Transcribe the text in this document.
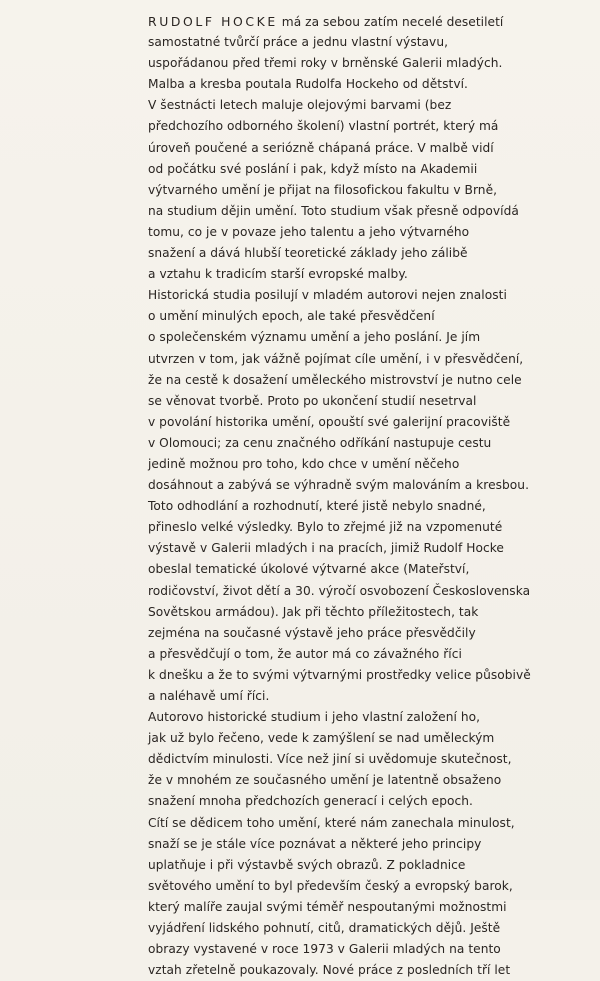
RUDOLF HOCKE má za sebou zatím necelé desetiletí
samostatné tvůrčí práce a jednu vlastní výstavu,
uspořádanou před třemi roky v brněnské Galerii mladých.
Malba a kresba poutala Rudolfa Hockeho od dětství.
V šestnácti letech maluje olejovými barvami (bez
předchozího odborného školení) vlastní portrét, který má
úroveň poučené a seriózně chápaná práce. V malbě vidí
od počátku své poslání i pak, když místo na Akademii
výtvarného umění je přijat na filosofickou fakultu v Brně,
na studium dějin umění. Toto studium však přesně odpovídá
tomu, co je v povaze jeho talentu a jeho výtvarného
snažení a dává hlubší teoretické základy jeho zálibě
a vztahu k tradicím starší evropské malby.
Historická studia posilují v mladém autorovi nejen znalosti
o umění minulých epoch, ale také přesvědčení
o společenském významu umění a jeho poslání. Je jím
utvrzen v tom, jak vážně pojímat cíle umění, i v přesvědčení,
že na cestě k dosažení uměleckého mistrovství je nutno cele
se věnovat tvorbě. Proto po ukončení studií nesetrval
v povolání historika umění, opouští své galerijní pracoviště
v Olomouci; za cenu značného odříkání nastupuje cestu
jedině možnou pro toho, kdo chce v umění něčeho
dosáhnout a zabývá se výhradně svým malováním a kresbou.
Toto odhodlání a rozhodnutí, které jistě nebylo snadné,
přineslo velké výsledky. Bylo to zřejmé již na vzpomenuté
výstavě v Galerii mladých i na pracích, jimiž Rudolf Hocke
obeslal tematické úkolové výtvarné akce (Mateřství,
rodičovství, život dětí a 30. výročí osvobození Československa
Sovětskou armádou). Jak při těchto příležitostech, tak
zejména na současné výstavě jeho práce přesvědčily
a přesvědčují o tom, že autor má co závažného říci
k dnešku a že to svými výtvarnými prostředky velice působivě
a naléhavě umí říci.
Autorovo historické studium i jeho vlastní založení ho,
jak už bylo řečeno, vede k zamýšlení se nad uměleckým
dědictvím minulosti. Více než jiní si uvědomuje skutečnost,
že v mnohém ze současného umění je latentně obsaženo
snažení mnoha předchozích generací i celých epoch.
Cítí se dědicem toho umění, které nám zanechala minulost,
snaží se je stále více poznávat a některé jeho principy
uplatňuje i při výstavbě svých obrazů. Z pokladnice
světového umění to byl především český a evropský barok,
který malíře zaujal svými téměř nespoutanými možnostmi
vyjádření lidského pohnutí, citů, dramatických dějů. Ještě
obrazy vystavené v roce 1973 v Galerii mladých na tento
vztah zřetelně poukazovaly. Nové práce z posledních tří let
